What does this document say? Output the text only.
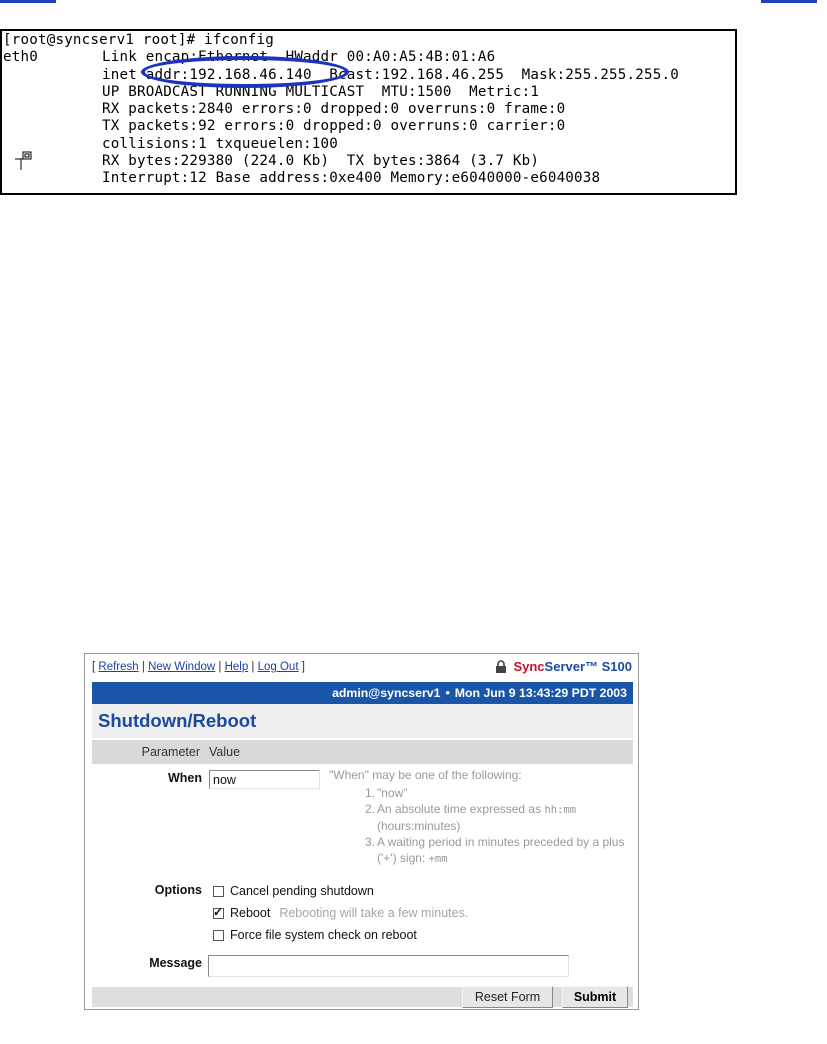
[root@syncserv1 root]# ifconfig
eth0	Link encap:Ethernet  HWaddr 00:A0:A5:4B:01:A6
inet addr:192.168.46.140  Bcast:192.168.46.255  Mask:255.255.255.0
UP BROADCAST RUNNING MULTICAST  MTU:1500  Metric:1
RX packets:2840 errors:0 dropped:0 overruns:0 frame:0
TX packets:92 errors:0 dropped:0 overruns:0 carrier:0
collisions:1 txqueuelen:100
RX bytes:229380 (224.0 Kb)  TX bytes:3864 (3.7 Kb)
Interrupt:12 Base address:0xe400 Memory:e6040000-e6040038
[ Refresh | New Window | Help | Log Out ]	SyncServer™ S100
admin@syncserv1 • Mon Jun 9 13:43:29 PDT 2003
Shutdown/Reboot
Parameter Value
When
now	"When" may be one of the following:
1. "now"
2. An absolute time expressed as hh:mm (hours:minutes)
3. A waiting period in minutes preceded by a plus ('+') sign: +mm
Options Cancel pending shutdown
✓ Reboot Rebooting will take a few minutes.
Force file system check on reboot
Message
Reset Form	Submit
